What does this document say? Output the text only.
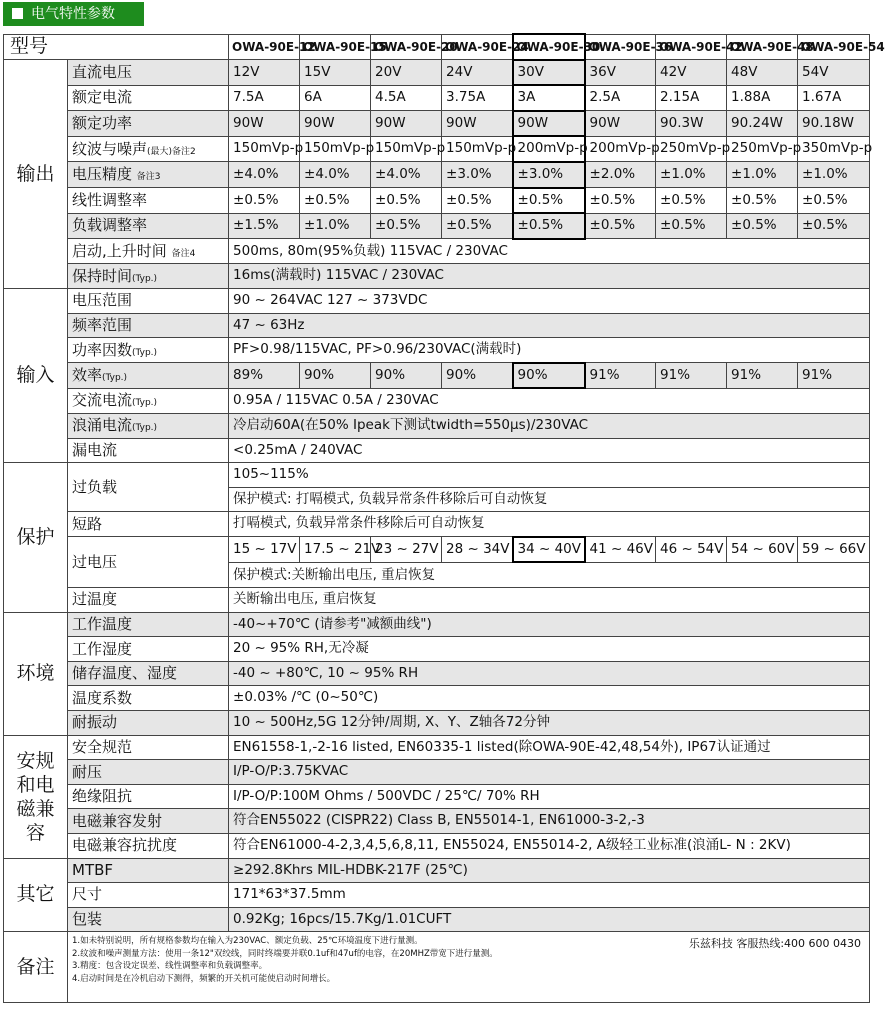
电气特性参数
型号		OWA-90E-12	OWA-90E-15	OWA-90E-20	OWA-90E-24	OWA-90E-30	OWA-90E-36	OWA-90E-42	OWA-90E-48	OWA-90E-54
输出	直流电压	12V	15V	20V	24V	30V	36V	42V	48V	54V
	额定电流	7.5A	6A	4.5A	3.75A	3A	2.5A	2.15A	1.88A	1.67A
	额定功率	90W	90W	90W	90W	90W	90W	90.3W	90.24W	90.18W
	纹波与噪声(最大)备注2	150mVp-p	150mVp-p	150mVp-p	150mVp-p	200mVp-p	200mVp-p	250mVp-p	250mVp-p	350mVp-p
	电压精度 备注3	±4.0%	±4.0%	±4.0%	±3.0%	±3.0%	±2.0%	±1.0%	±1.0%	±1.0%
	线性调整率	±0.5%	±0.5%	±0.5%	±0.5%	±0.5%	±0.5%	±0.5%	±0.5%	±0.5%
	负载调整率	±1.5%	±1.0%	±0.5%	±0.5%	±0.5%	±0.5%	±0.5%	±0.5%	±0.5%
	启动,上升时间 备注4	500ms, 80m(95%负载) 115VAC / 230VAC								
	保持时间(Typ.)	16ms(满载时) 115VAC / 230VAC								
输入	电压范围	90 ~ 264VAC 127 ~ 373VDC								
	频率范围	47 ~ 63Hz								
	功率因数(Typ.)	PF>0.98/115VAC, PF>0.96/230VAC(满载时)								
	效率(Typ.)	89%	90%	90%	90%	90%	91%	91%	91%	91%
	交流电流(Typ.)	0.95A / 115VAC 0.5A / 230VAC								
	浪涌电流(Typ.)	冷启动60A(在50% Ipeak下测试twidth=550µs)/230VAC								
	漏电流	<0.25mA / 240VAC								
保护	过负载	105~115%								
		保护模式: 打嗝模式, 负载异常条件移除后可自动恢复								
	短路	打嗝模式, 负载异常条件移除后可自动恢复								
	过电压	15 ~ 17V	17.5 ~ 21V	23 ~ 27V	28 ~ 34V	34 ~ 40V	41 ~ 46V	46 ~ 54V	54 ~ 60V	59 ~ 66V
		保护模式:关断输出电压, 重启恢复								
	过温度	关断输出电压, 重启恢复								
环境	工作温度	-40~+70℃ (请参考"减额曲线")								
	工作湿度	20 ~ 95% RH,无冷凝								
	储存温度、湿度	-40 ~ +80℃, 10 ~ 95% RH								
	温度系数	±0.03% /℃ (0~50℃)								
	耐振动	10 ~ 500Hz,5G 12分钟/周期, X、Y、Z轴各72分钟								
安规和电磁兼容	安全规范	EN61558-1,-2-16 listed, EN60335-1 listed(除OWA-90E-42,48,54外), IP67认证通过								
	耐压	I/P-O/P:3.75KVAC								
	绝缘阻抗	I/P-O/P:100M Ohms / 500VDC / 25℃/ 70% RH								
	电磁兼容发射	符合EN55022 (CISPR22) Class B, EN55014-1, EN61000-3-2,-3								
	电磁兼容抗扰度	符合EN61000-4-2,3,4,5,6,8,11, EN55024, EN55014-2, A级轻工业标准(浪涌L- N : 2KV)								
其它	MTBF	≥292.8Khrs MIL-HDBK-217F (25℃)								
	尺寸	171*63*37.5mm								
	包装	0.92Kg; 16pcs/15.7Kg/1.01CUFT								
备注	乐兹科技 客服热线:400 600 0430
1.如未特别说明，所有规格参数均在输入为230VAC、额定负载、25℃环境温度下进行量测。
2.纹波和噪声测量方法：使用一条12"双绞线，同时终端要并联0.1uf和47uf的电容，在20MHZ带宽下进行量测。
3.精度：包含设定误差、线性调整率和负载调整率。
4.启动时间是在冷机启动下测得，频繁的开关机可能使启动时间增长。									
